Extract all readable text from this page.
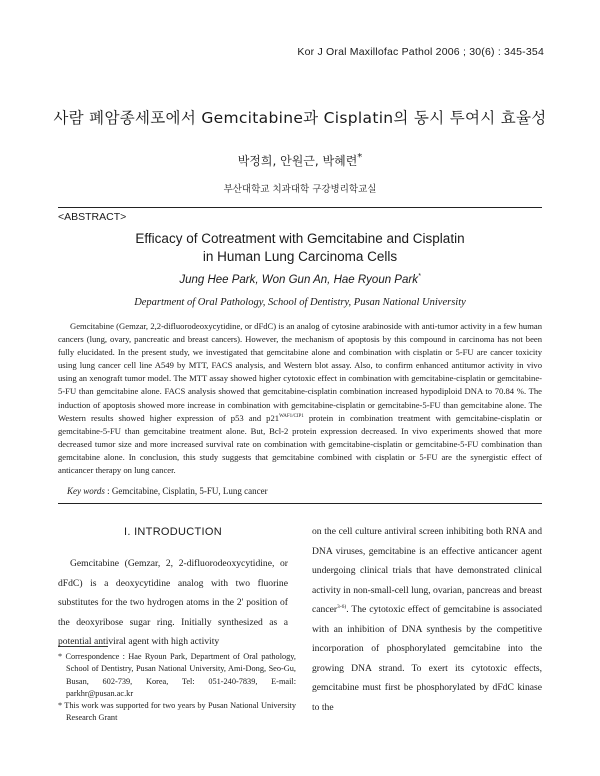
Kor J Oral Maxillofac Pathol 2006 ; 30(6) : 345-354
사람 폐암종세포에서 Gemcitabine과 Cisplatin의 동시 투여시 효율성
박정희, 안원근, 박혜련*
부산대학교 치과대학 구강병리학교실
<ABSTRACT>
Efficacy of Cotreatment with Gemcitabine and Cisplatin
in Human Lung Carcinoma Cells
Jung Hee Park, Won Gun An, Hae Ryoun Park*
Department of Oral Pathology, School of Dentistry, Pusan National University

Gemcitabine (Gemzar, 2,2-difluorodeoxycytidine, or dFdC) is an analog of cytosine arabinoside with anti-tumor activity in a few human cancers (lung, ovary, pancreatic and breast cancers). However, the mechanism of apoptosis by this compound in carcinoma has not been fully elucidated. In the present study, we investigated that gemcitabine alone and combination with cisplatin or 5-FU are cancer toxicity using lung cancer cell line A549 by MTT, FACS analysis, and Western blot assay. Also, to confirm enhanced antitumor activity in vivo using an xenograft tumor model. The MTT assay showed higher cytotoxic effect in combination with gemcitabine-cisplatin or gemcitabine-5-FU than gemcitabine alone. FACS analysis showed that gemcitabine-cisplatin combination increased hypodiploid DNA to 70.84 %. The induction of apoptosis showed more increase in combination with gemcitabine-cisplatin or gemcitabine-5-FU than gemcitabine alone. The Western results showed higher expression of p53 and $p21^{WAF1/CIP1}$ protein in combination treatment with gemcitabine-cisplatin or gemcitabine-5-FU than gemcitabine treatment alone. But, Bcl-2 protein expression decreased. In vivo experiments showed that more decreased tumor size and more increased survival rate on combination with gemcitabine-cisplatin or gemcitabine-5-FU combination than gemcitabine alone. In conclusion, this study suggests that gemcitabine combined with cisplatin or 5-FU are the synergistic effect of anticancer therapy on lung cancer.

Key words : Gemcitabine, Cisplatin, 5-FU, Lung cancer
I. INTRODUCTION

Gemcitabine (Gemzar, 2, 2-difluorodeoxycytidine, or dFdC) is a deoxycytidine analog with two fluorine substitutes for the two hydrogen atoms in the 2' position of the deoxyribose sugar ring. Initially synthesized as a potential antiviral agent with high activity

on the cell culture antiviral screen inhibiting both RNA and DNA viruses, gemcitabine is an effective anticancer agent undergoing clinical trials that have demonstrated clinical activity in non-small-cell lung, ovarian, pancreas and breast cancer$^{3-6)}$. The cytotoxic effect of gemcitabine is associated with an inhibition of DNA synthesis by the competitive incorporation of phosphorylated gemcitabine into the growing DNA strand. To exert its cytotoxic effects, gemcitabine must first be phosphorylated by dFdC kinase to the

* Correspondence : Hae Ryoun Park, Department of Oral pathology, School of Dentistry, Pusan National University, Ami-Dong, Seo-Gu, Busan, 602-739, Korea, Tel: 051-240-7839, E-mail: parkhr@pusan.ac.kr

* This work was supported for two years by Pusan National University Research Grant
